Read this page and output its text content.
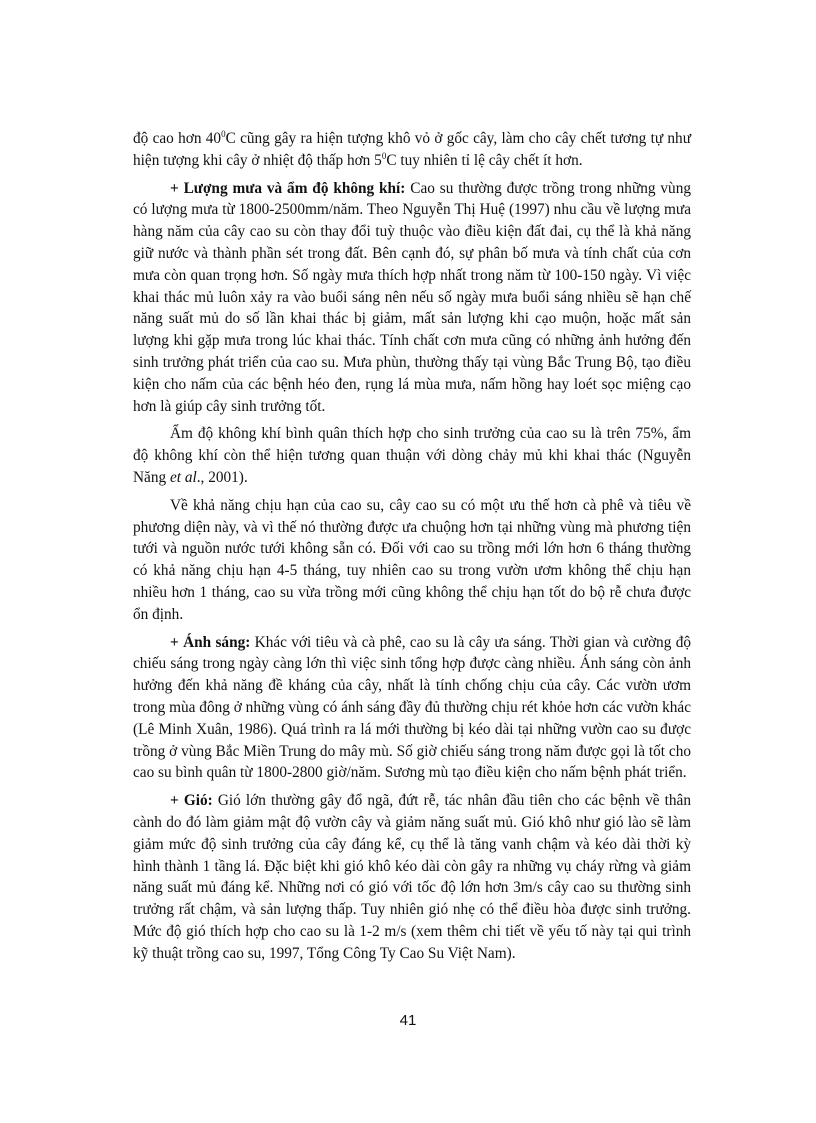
độ cao hơn $40^0C$ cũng gây ra hiện tượng khô vỏ ở gốc cây, làm cho cây chết tương tự như hiện tượng khi cây ở nhiệt độ thấp hơn $5^0C$ tuy nhiên tỉ lệ cây chết ít hơn.

+ Lượng mưa và ẩm độ không khí: Cao su thường được trồng trong những vùng có lượng mưa từ 1800-2500mm/năm. Theo Nguyễn Thị Huệ (1997) nhu cầu về lượng mưa hàng năm của cây cao su còn thay đổi tuỳ thuộc vào điều kiện đất đai, cụ thể là khả năng giữ nước và thành phần sét trong đất. Bên cạnh đó, sự phân bố mưa và tính chất của cơn mưa còn quan trọng hơn. Số ngày mưa thích hợp nhất trong năm từ 100-150 ngày. Vì việc khai thác mủ luôn xảy ra vào buổi sáng nên nếu số ngày mưa buổi sáng nhiều sẽ hạn chế năng suất mủ do số lần khai thác bị giảm, mất sản lượng khi cạo muộn, hoặc mất sản lượng khi gặp mưa trong lúc khai thác. Tính chất cơn mưa cũng có những ảnh hưởng đến sinh trưởng phát triển của cao su. Mưa phùn, thường thấy tại vùng Bắc Trung Bộ, tạo điều kiện cho nấm của các bệnh héo đen, rụng lá mùa mưa, nấm hồng hay loét sọc miệng cạo hơn là giúp cây sinh trưởng tốt.

Ẩm độ không khí bình quân thích hợp cho sinh trưởng của cao su là trên 75%, ẩm độ không khí còn thể hiện tương quan thuận với dòng chảy mủ khi khai thác (Nguyễn Năng et al., 2001).

Về khả năng chịu hạn của cao su, cây cao su có một ưu thế hơn cà phê và tiêu về phương diện này, và vì thế nó thường được ưa chuộng hơn tại những vùng mà phương tiện tưới và nguồn nước tưới không sẵn có. Đối với cao su trồng mới lớn hơn 6 tháng thường có khả năng chịu hạn 4-5 tháng, tuy nhiên cao su trong vườn ươm không thể chịu hạn nhiều hơn 1 tháng, cao su vừa trồng mới cũng không thể chịu hạn tốt do bộ rễ chưa được ổn định.

+ Ánh sáng: Khác với tiêu và cà phê, cao su là cây ưa sáng. Thời gian và cường độ chiếu sáng trong ngày càng lớn thì việc sinh tổng hợp được càng nhiều. Ánh sáng còn ảnh hưởng đến khả năng đề kháng của cây, nhất là tính chống chịu của cây. Các vườn ươm trong mùa đông ở những vùng có ánh sáng đầy đủ thường chịu rét khỏe hơn các vườn khác (Lê Minh Xuân, 1986). Quá trình ra lá mới thường bị kéo dài tại những vườn cao su được trồng ở vùng Bắc Miền Trung do mây mù. Số giờ chiếu sáng trong năm được gọi là tốt cho cao su bình quân từ 1800-2800 giờ/năm. Sương mù tạo điều kiện cho nấm bệnh phát triển.

+ Gió: Gió lớn thường gây đổ ngã, đứt rễ, tác nhân đầu tiên cho các bệnh về thân cành do đó làm giảm mật độ vườn cây và giảm năng suất mủ. Gió khô như gió lào sẽ làm giảm mức độ sinh trưởng của cây đáng kể, cụ thể là tăng vanh chậm và kéo dài thời kỳ hình thành 1 tầng lá. Đặc biệt khi gió khô kéo dài còn gây ra những vụ cháy rừng và giảm năng suất mủ đáng kể. Những nơi có gió với tốc độ lớn hơn 3m/s cây cao su thường sinh trưởng rất chậm, và sản lượng thấp. Tuy nhiên gió nhẹ có thể điều hòa được sinh trưởng. Mức độ gió thích hợp cho cao su là 1-2 m/s (xem thêm chi tiết về yếu tố này tại qui trình kỹ thuật trồng cao su, 1997, Tổng Công Ty Cao Su Việt Nam).

41
